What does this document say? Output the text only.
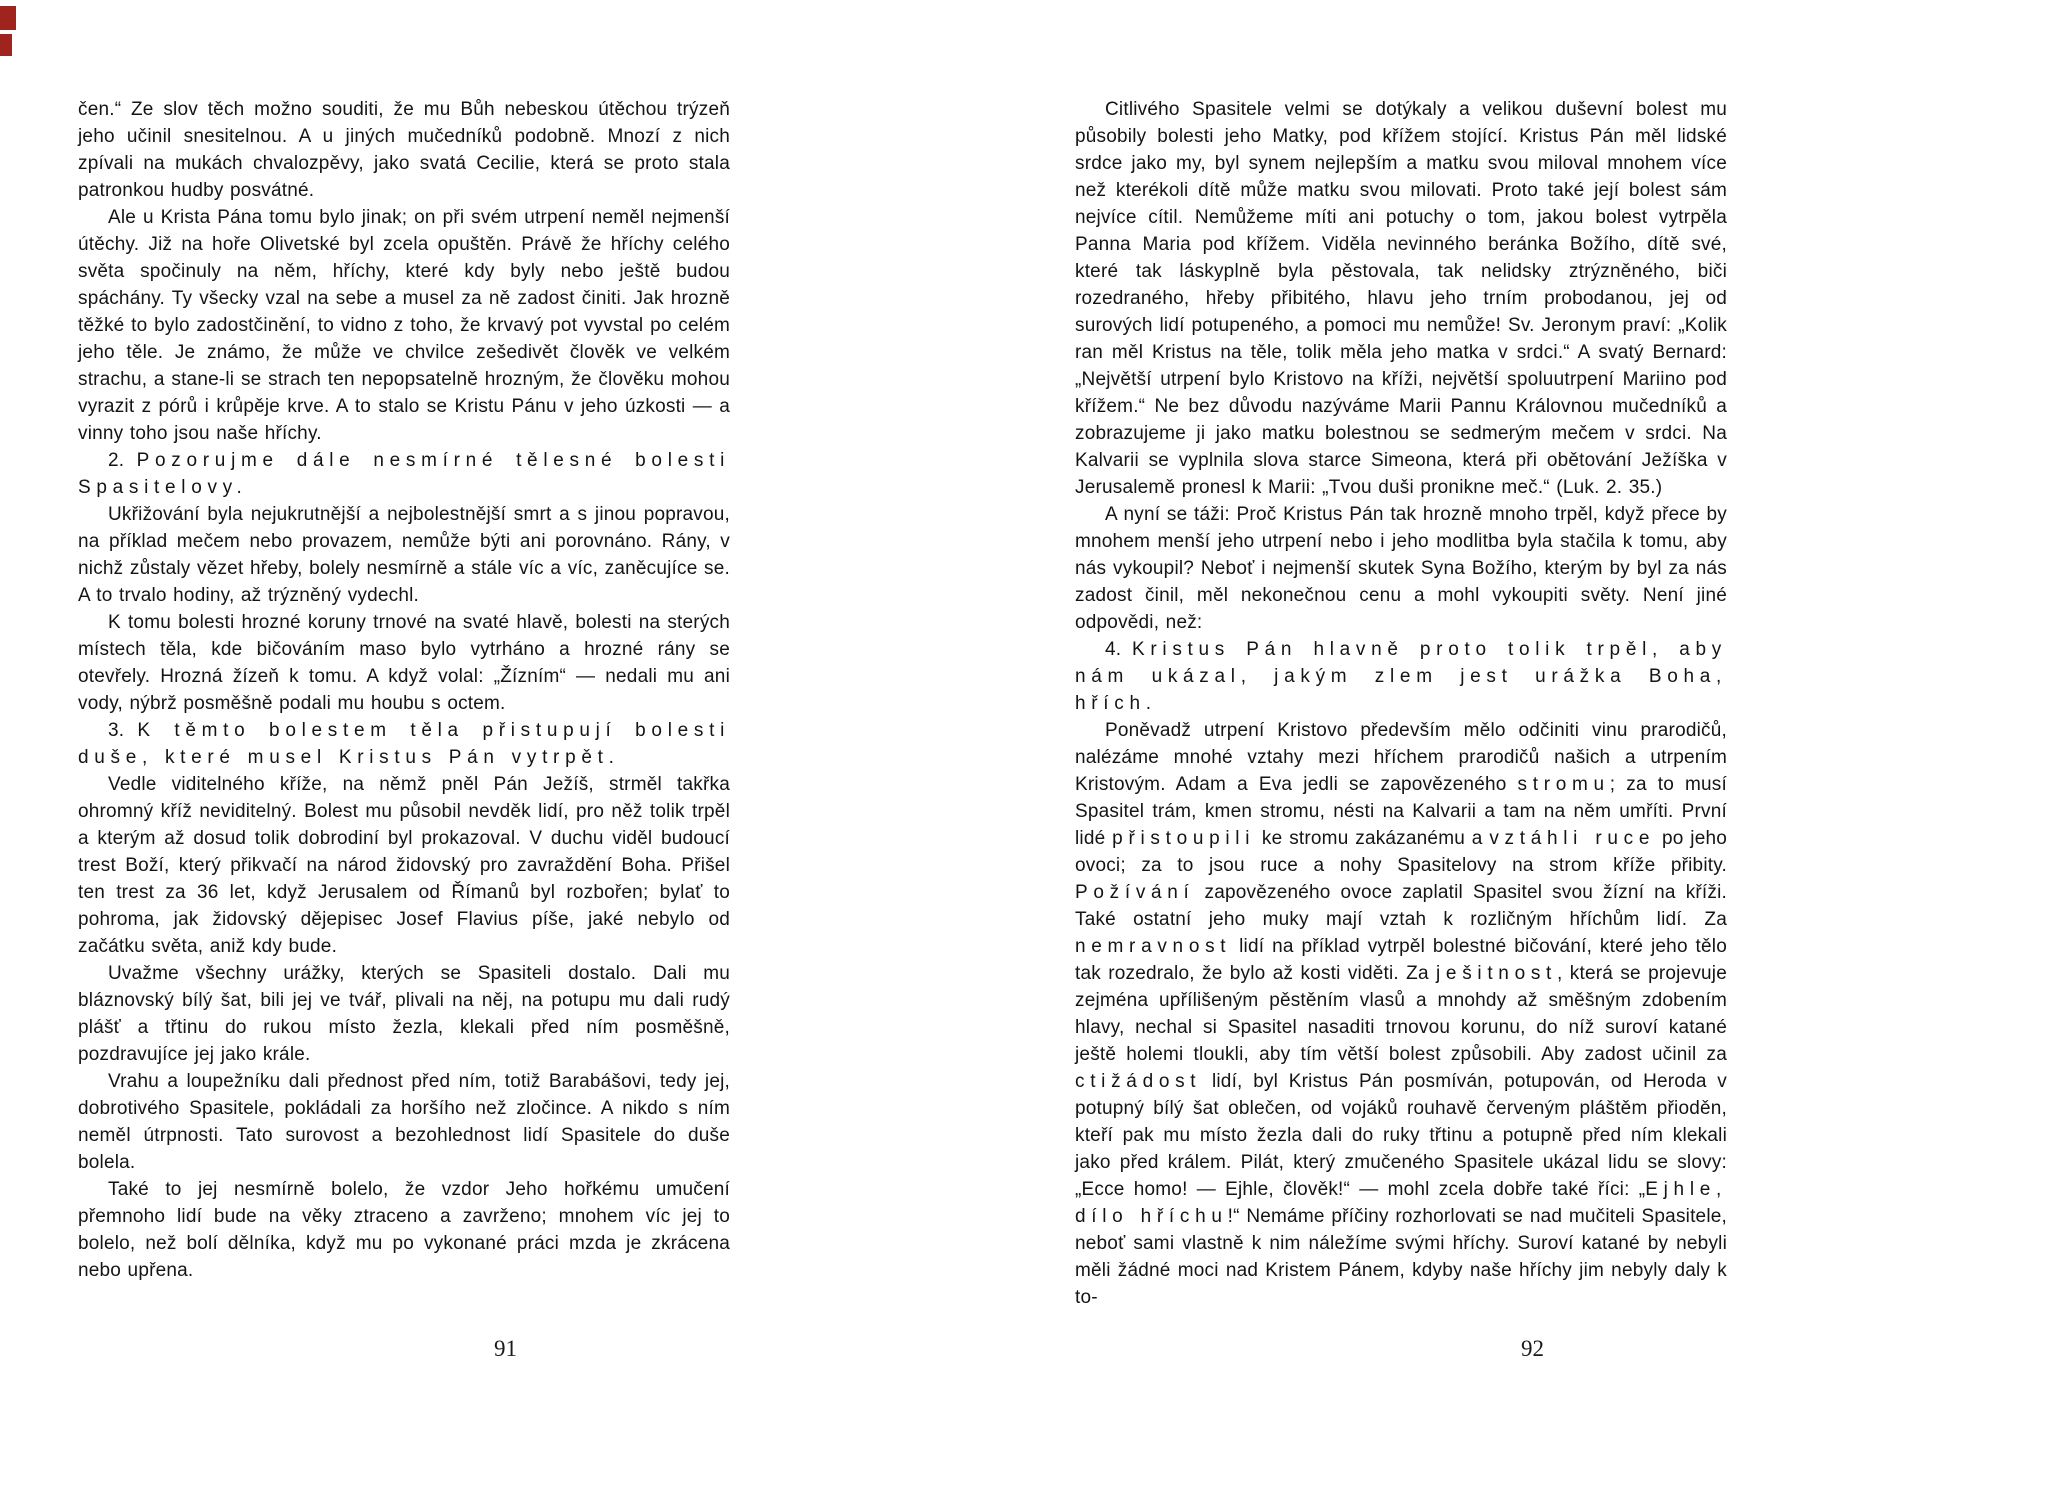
čen.“ Ze slov těch možno souditi, že mu Bůh nebeskou útěchou trýzeň jeho učinil snesitelnou. A u jiných mučedníků podobně. Mnozí z nich zpívali na mukách chvalozpěvy, jako svatá Cecilie, která se proto stala patronkou hudby posvátné.

Ale u Krista Pána tomu bylo jinak; on při svém utrpení neměl nejmenší útěchy. Již na hoře Olivetské byl zcela opuštěn. Právě že hříchy celého světa spočinuly na něm, hříchy, které kdy byly nebo ještě budou spáchány. Ty všecky vzal na sebe a musel za ně zadost činiti. Jak hrozně těžké to bylo zadostčinění, to vidno z toho, že krvavý pot vyvstal po celém jeho těle. Je známo, že může ve chvilce zešedivět člověk ve velkém strachu, a stane-li se strach ten nepopsatelně hrozným, že člověku mohou vyrazit z pórů i krůpěje krve. A to stalo se Kristu Pánu v jeho úzkosti — a vinny toho jsou naše hříchy.

2. Pozorujme dále nesmírné tělesné bolesti Spasitelovy.

Ukřižování byla nejukrutnější a nejbolestnější smrt a s jinou popravou, na příklad mečem nebo provazem, nemůže býti ani porovnáno. Rány, v nichž zůstaly vězet hřeby, bolely nesmírně a stále víc a víc, zaněcujíce se. A to trvalo hodiny, až trýzněný vydechl.

K tomu bolesti hrozné koruny trnové na svaté hlavě, bolesti na sterých místech těla, kde bičováním maso bylo vytrháno a hrozné rány se otevřely. Hrozná žízeň k tomu. A když volal: „Žízním“ — nedali mu ani vody, nýbrž posměšně podali mu houbu s octem.

3. K těmto bolestem těla přistupují bolesti duše, které musel Kristus Pán vytrpět.

Vedle viditelného kříže, na němž pněl Pán Ježíš, strměl takřka ohromný kříž neviditelný. Bolest mu působil nevděk lidí, pro něž tolik trpěl a kterým až dosud tolik dobrodiní byl prokazoval. V duchu viděl budoucí trest Boží, který přikvačí na národ židovský pro zavraždění Boha. Přišel ten trest za 36 let, když Jerusalem od Římanů byl rozbořen; bylať to pohroma, jak židovský dějepisec Josef Flavius píše, jaké nebylo od začátku světa, aniž kdy bude.

Uvažme všechny urážky, kterých se Spasiteli dostalo. Dali mu bláznovský bílý šat, bili jej ve tvář, plivali na něj, na potupu mu dali rudý plášť a třtinu do rukou místo žezla, klekali před ním posměšně, pozdravujíce jej jako krále.

Vrahu a loupežníku dali přednost před ním, totiž Barabášovi, tedy jej, dobrotivého Spasitele, pokládali za horšího než zločince. A nikdo s ním neměl útrpnosti. Tato surovost a bezohlednost lidí Spasitele do duše bolela.

Také to jej nesmírně bolelo, že vzdor Jeho hořkému umučení přemnoho lidí bude na věky ztraceno a zavrženo; mnohem víc jej to bolelo, než bolí dělníka, když mu po vykonané práci mzda je zkrácena nebo upřena.

Citlivého Spasitele velmi se dotýkaly a velikou duševní bolest mu působily bolesti jeho Matky, pod křížem stojící. Kristus Pán měl lidské srdce jako my, byl synem nejlepším a matku svou miloval mnohem více než kterékoli dítě může matku svou milovati. Proto také její bolest sám nejvíce cítil. Nemůžeme míti ani potuchy o tom, jakou bolest vytrpěla Panna Maria pod křížem. Viděla nevinného beránka Božího, dítě své, které tak láskyplně byla pěstovala, tak nelidsky ztrýzněného, biči rozedraného, hřeby přibitého, hlavu jeho trním probodanou, jej od surových lidí potupeného, a pomoci mu nemůže! Sv. Jeronym praví: „Kolik ran měl Kristus na těle, tolik měla jeho matka v srdci.“ A svatý Bernard: „Největší utrpení bylo Kristovo na kříži, největší spoluutrpení Mariino pod křížem.“ Ne bez důvodu nazýváme Marii Pannu Královnou mučedníků a zobrazujeme ji jako matku bolestnou se sedmerým mečem v srdci. Na Kalvarii se vyplnila slova starce Simeona, která při obětování Ježíška v Jerusalemě pronesl k Marii: „Tvou duši pronikne meč.“ (Luk. 2. 35.)

A nyní se táži: Proč Kristus Pán tak hrozně mnoho trpěl, když přece by mnohem menší jeho utrpení nebo i jeho modlitba byla stačila k tomu, aby nás vykoupil? Neboť i nejmenší skutek Syna Božího, kterým by byl za nás zadost činil, měl nekonečnou cenu a mohl vykoupiti světy. Není jiné odpovědi, než:

4. Kristus Pán hlavně proto tolik trpěl, aby nám ukázal, jakým zlem jest urážka Boha, hřích.

Poněvadž utrpení Kristovo především mělo odčiniti vinu prarodičů, nalézáme mnohé vztahy mezi hříchem prarodičů našich a utrpením Kristovým. Adam a Eva jedli se zapovězeného stromu; za to musí Spasitel trám, kmen stromu, nésti na Kalvarii a tam na něm umříti. První lidé přistoupili ke stromu zakázanému a vztáhli ruce po jeho ovoci; za to jsou ruce a nohy Spasitelovy na strom kříže přibity. Požívání zapovězeného ovoce zaplatil Spasitel svou žízní na kříži. Také ostatní jeho muky mají vztah k rozličným hříchům lidí. Za nemravnost lidí na příklad vytrpěl bolestné bičování, které jeho tělo tak rozedralo, že bylo až kosti viděti. Za ješitnost, která se projevuje zejména upřílišeným pěstěním vlasů a mnohdy až směšným zdobením hlavy, nechal si Spasitel nasaditi trnovou korunu, do níž suroví katané ještě holemi tloukli, aby tím větší bolest způsobili. Aby zadost učinil za ctižádost lidí, byl Kristus Pán posmíván, potupován, od Heroda v potupný bílý šat oblečen, od vojáků rouhavě červeným pláštěm přioděn, kteří pak mu místo žezla dali do ruky třtinu a potupně před ním klekali jako před králem. Pilát, který zmučeného Spasitele ukázal lidu se slovy: „Ecce homo! — Ejhle, člověk!“ — mohl zcela dobře také říci: „Ejhle, dílo hříchu!“ Nemáme příčiny rozhorlovati se nad mučiteli Spasitele, neboť sami vlastně k nim náležíme svými hříchy. Suroví katané by nebyli měli žádné moci nad Kristem Pánem, kdyby naše hříchy jim nebyly daly k to-

91	92
